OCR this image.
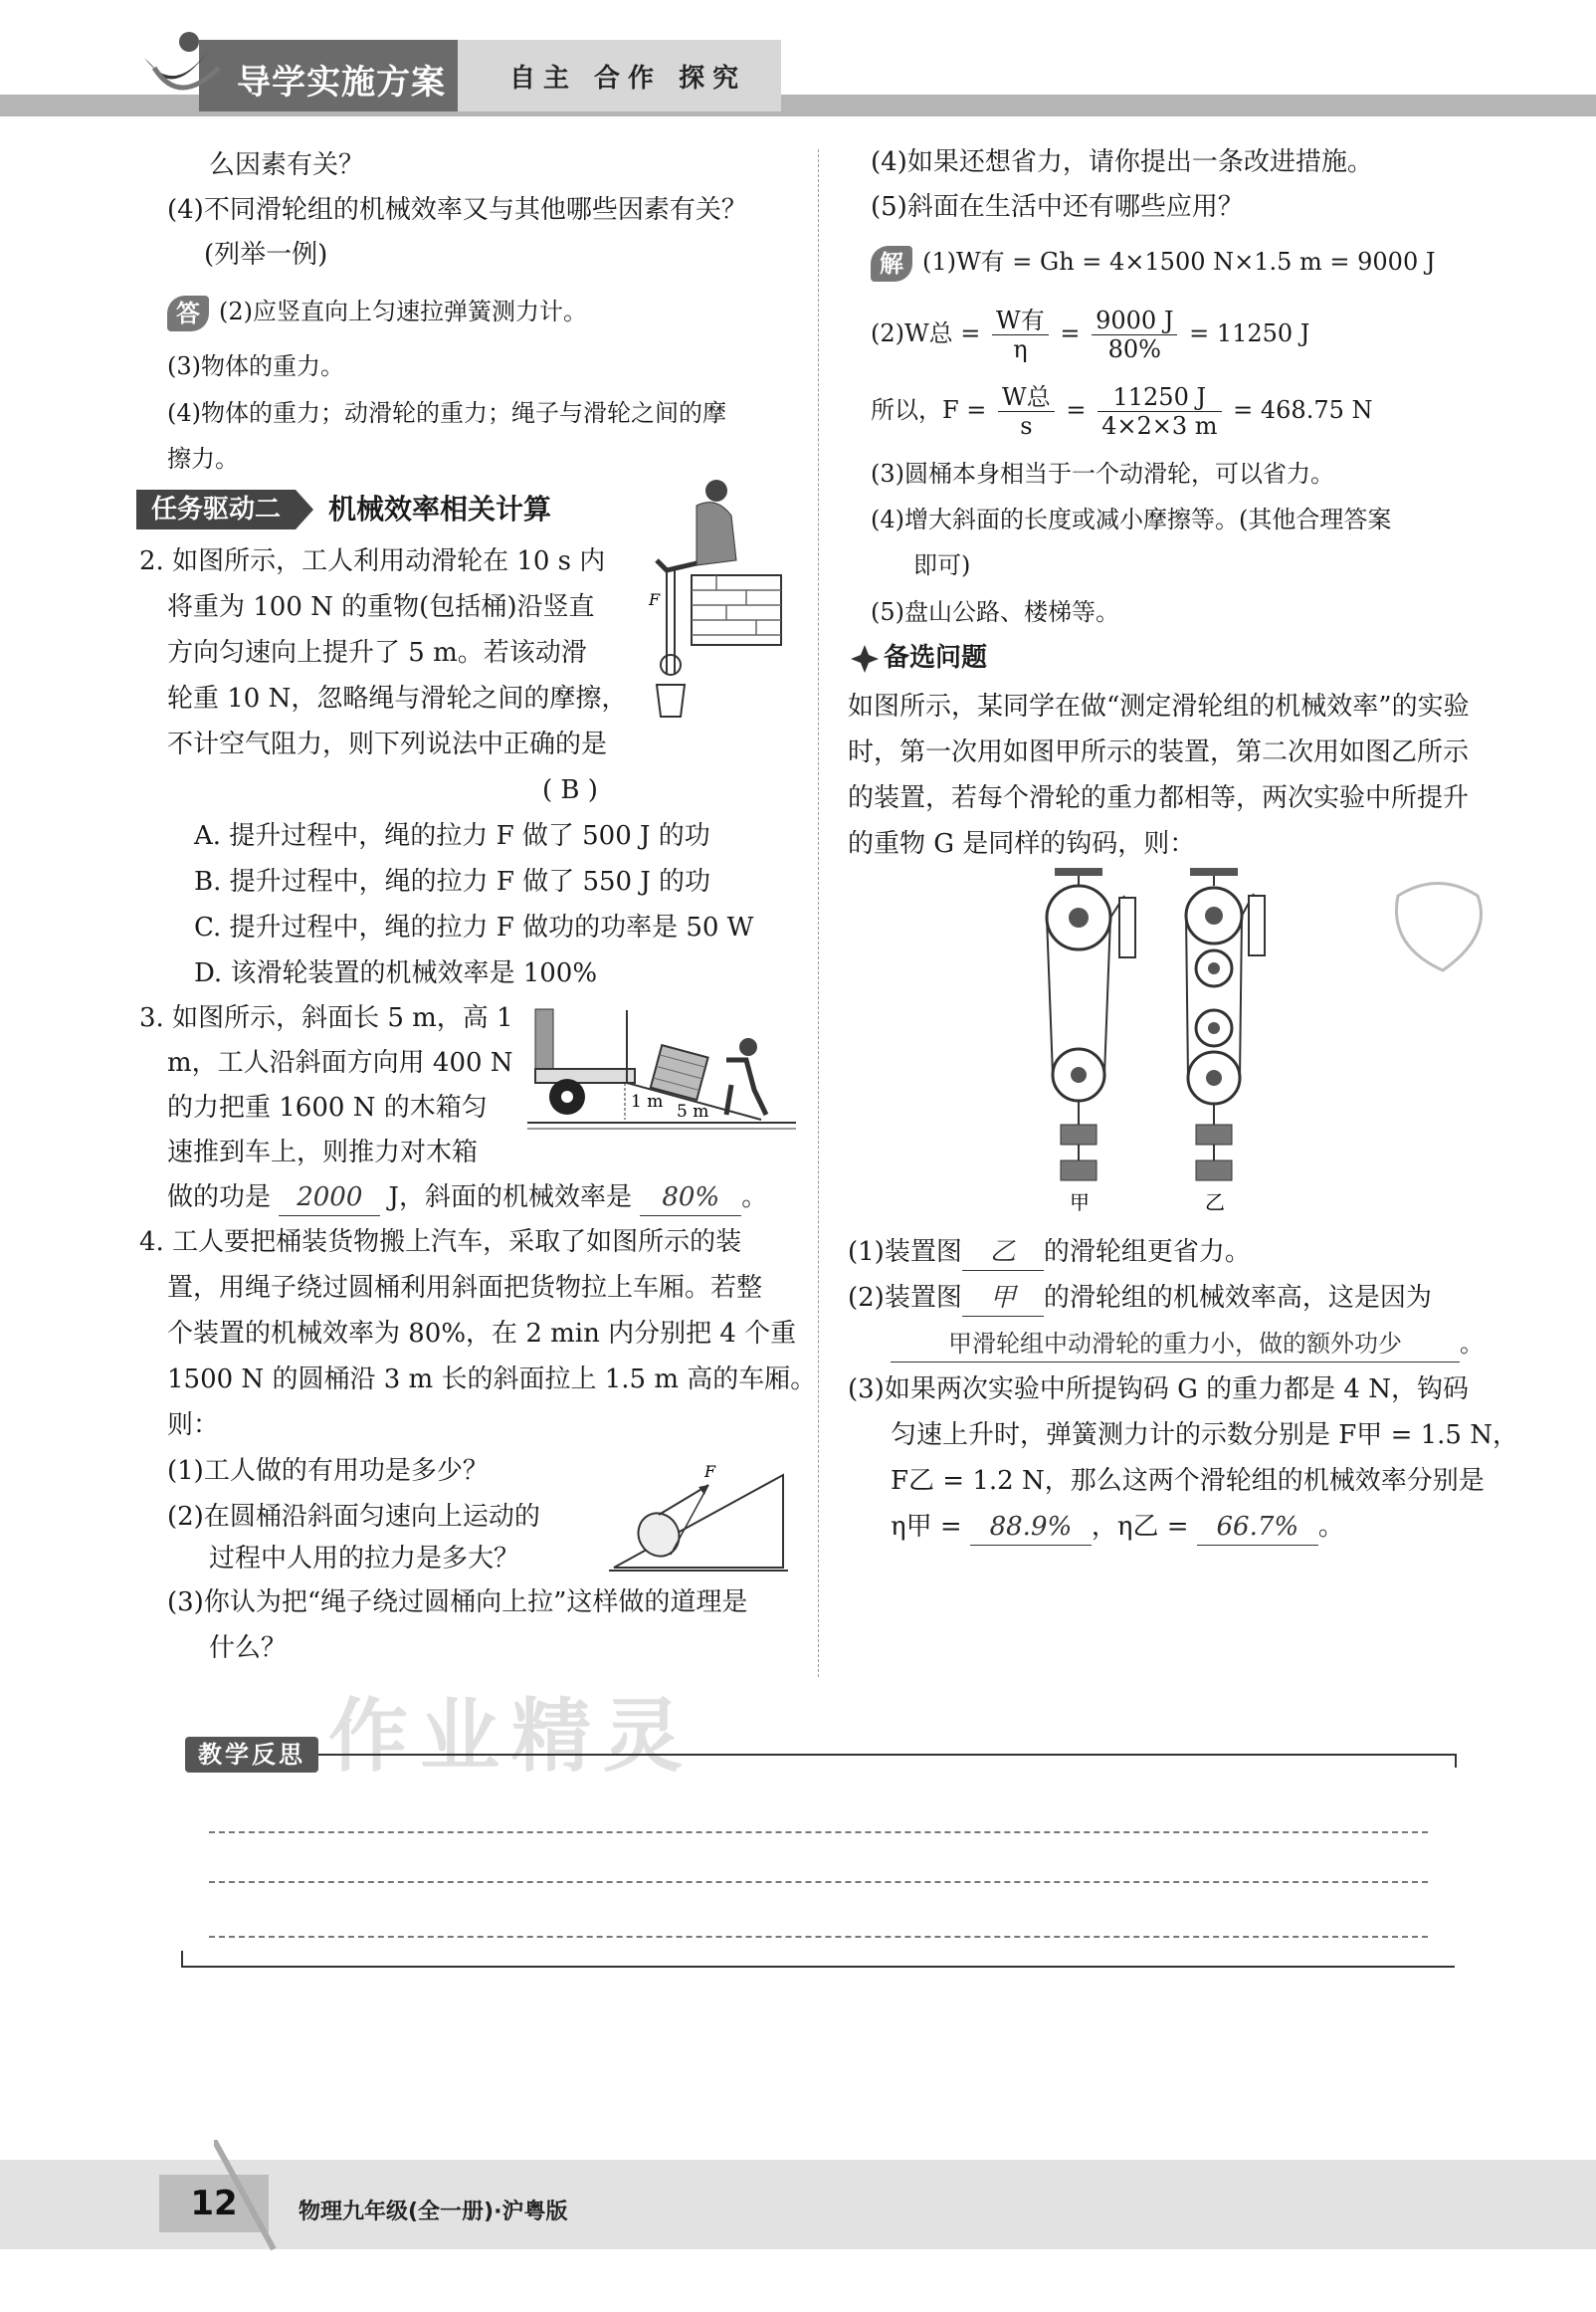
导学实施方案 自主 合作 探究
么因素有关？
(4)不同滑轮组的机械效率又与其他哪些因素有关？
(列举一例)
答 (2)应竖直向上匀速拉弹簧测力计。
(3)物体的重力。
(4)物体的重力；动滑轮的重力；绳子与滑轮之间的摩
擦力。
任务驱动二	机械效率相关计算
2. 如图所示，工人利用动滑轮在 10 s 内
将重为 100 N 的重物(包括桶)沿竖直
方向匀速向上提升了 5 m。若该动滑
轮重 10 N，忽略绳与滑轮之间的摩擦，
不计空气阻力，则下列说法中正确的是
( B )
A. 提升过程中，绳的拉力 F 做了 500 J 的功
B. 提升过程中，绳的拉力 F 做了 550 J 的功
C. 提升过程中，绳的拉力 F 做功的功率是 50 W
D. 该滑轮装置的机械效率是 100%
F
3. 如图所示，斜面长 5 m，高 1
m，工人沿斜面方向用 400 N
的力把重 1600 N 的木箱匀
速推到车上，则推力对木箱
做的功是 2000 J，斜面的机械效率是 80% 。
1 m 5 m
4. 工人要把桶装货物搬上汽车，采取了如图所示的装
置，用绳子绕过圆桶利用斜面把货物拉上车厢。若整
个装置的机械效率为 80%，在 2 min 内分别把 4 个重
1500 N 的圆桶沿 3 m 长的斜面拉上 1.5 m 高的车厢。
则：
(1)工人做的有用功是多少？
(2)在圆桶沿斜面匀速向上运动的
过程中人用的拉力是多大？
(3)你认为把“绳子绕过圆桶向上拉”这样做的道理是
什么？
F
(4)如果还想省力，请你提出一条改进措施。
(5)斜面在生活中还有哪些应用？
解 (1)W有 = Gh = 4×1500 N×1.5 m = 9000 J
(2)W总 = $\frac{\text{W有}}{\eta} = \frac{9000 J}{80\%} = 11250$ J
所以，$F = \frac{\text{W总}}{s} = \frac{11250 J}{4\times 2\times 3 m} = 468.75$ N
(3)圆桶本身相当于一个动滑轮，可以省力。
(4)增大斜面的长度或减小摩擦等。(其他合理答案
即可)
(5)盘山公路、楼梯等。
备选问题
如图所示，某同学在做“测定滑轮组的机械效率”的实验
时，第一次用如图甲所示的装置，第二次用如图乙所示
的装置，若每个滑轮的重力都相等，两次实验中所提升
的重物 G 是同样的钩码，则：
甲	乙
(1)装置图 乙 的滑轮组更省力。
(2)装置图 甲 的滑轮组的机械效率高，这是因为
甲滑轮组中动滑轮的重力小，做的额外功少 。
(3)如果两次实验中所提钩码 G 的重力都是 4 N，钩码
匀速上升时，弹簧测力计的示数分别是 F甲 = 1.5 N，
F乙 = 1.2 N，那么这两个滑轮组的机械效率分别是
η甲 = 88.9% ，η乙 = 66.7% 。
作业精灵
教学反思
12	物理九年级(全一册)·沪粤版
